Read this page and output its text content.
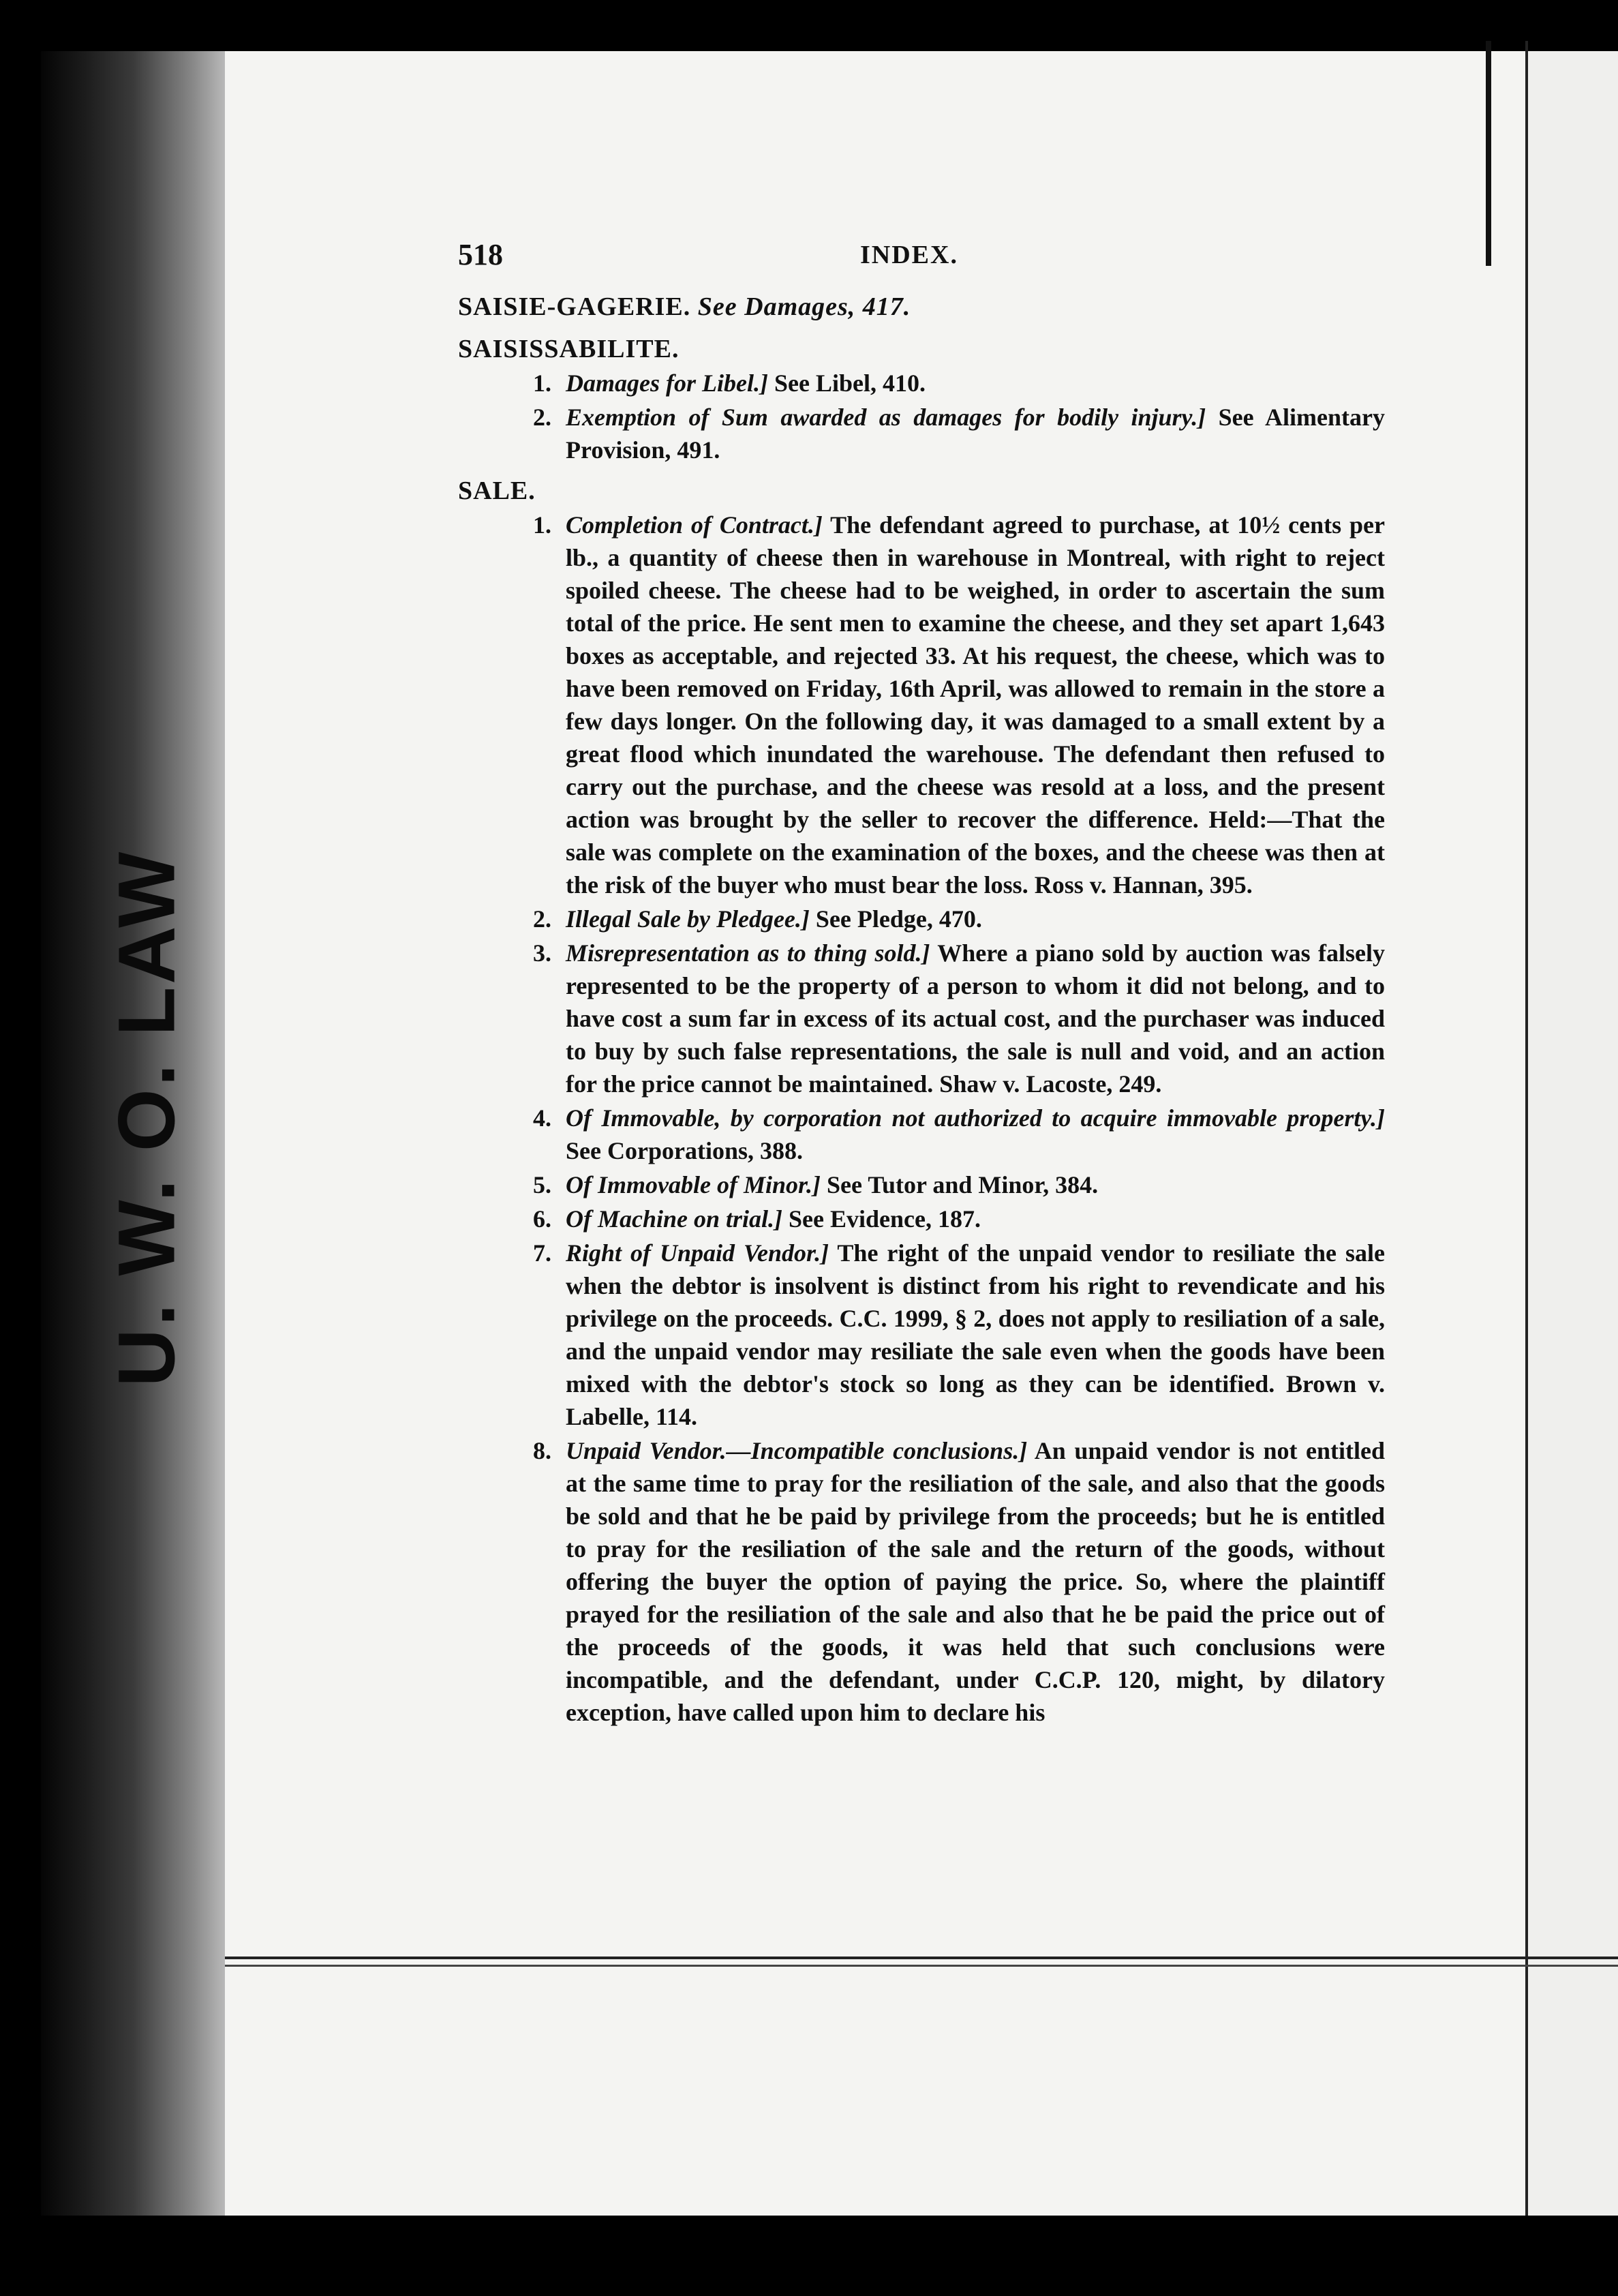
U. W. O. LAW
518	INDEX.
SAISIE-GAGERIE. See Damages, 417.
SAISISSABILITE.
1. Damages for Libel.] See Libel, 410.
2. Exemption of Sum awarded as damages for bodily injury.] See Alimentary Provision, 491.
SALE.
1. Completion of Contract.] The defendant agreed to purchase, at 10½ cents per lb., a quantity of cheese then in warehouse in Montreal, with right to reject spoiled cheese. The cheese had to be weighed, in order to ascertain the sum total of the price. He sent men to examine the cheese, and they set apart 1,643 boxes as acceptable, and rejected 33. At his request, the cheese, which was to have been removed on Friday, 16th April, was allowed to remain in the store a few days longer. On the following day, it was damaged to a small extent by a great flood which inundated the warehouse. The defendant then refused to carry out the purchase, and the cheese was resold at a loss, and the present action was brought by the seller to recover the difference. Held:—That the sale was complete on the examination of the boxes, and the cheese was then at the risk of the buyer who must bear the loss. Ross v. Hannan, 395.
2. Illegal Sale by Pledgee.] See Pledge, 470.
3. Misrepresentation as to thing sold.] Where a piano sold by auction was falsely represented to be the property of a person to whom it did not belong, and to have cost a sum far in excess of its actual cost, and the purchaser was induced to buy by such false representations, the sale is null and void, and an action for the price cannot be maintained. Shaw v. Lacoste, 249.
4. Of Immovable, by corporation not authorized to acquire immovable property.] See Corporations, 388.
5. Of Immovable of Minor.] See Tutor and Minor, 384.
6. Of Machine on trial.] See Evidence, 187.
7. Right of Unpaid Vendor.] The right of the unpaid vendor to resiliate the sale when the debtor is insolvent is distinct from his right to revendicate and his privilege on the proceeds. C.C. 1999, § 2, does not apply to resiliation of a sale, and the unpaid vendor may resiliate the sale even when the goods have been mixed with the debtor's stock so long as they can be identified. Brown v. Labelle, 114.
8. Unpaid Vendor.—Incompatible conclusions.] An unpaid vendor is not entitled at the same time to pray for the resiliation of the sale, and also that the goods be sold and that he be paid by privilege from the proceeds; but he is entitled to pray for the resiliation of the sale and the return of the goods, without offering the buyer the option of paying the price. So, where the plaintiff prayed for the resiliation of the sale and also that he be paid the price out of the proceeds of the goods, it was held that such conclusions were incompatible, and the defendant, under C.C.P. 120, might, by dilatory exception, have called upon him to declare his
